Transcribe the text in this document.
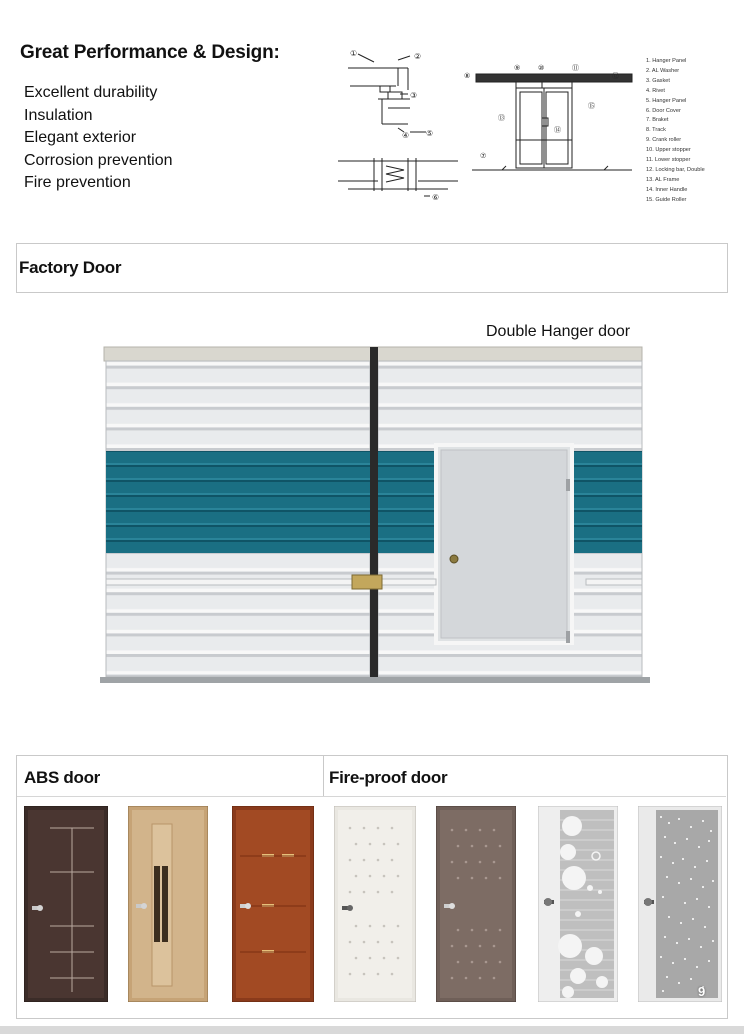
Great Performance & Design:
Excellent durability
Insulation
Elegant exterior
Corrosion prevention
Fire prevention
①	②
③
④ ⑤
⑥
⑧
⑨	⑩	⑪
⑫
⑬
⑭
⑮
⑦
1. Hanger Panel
2. AL Washer
3. Gasket
4. Rivet
5. Hanger Panel
6. Door Cover
7. Braket
8. Track
9. Crank roller
10. Upper stopper
11. Lower stopper
12. Locking bar, Double
13. AL Frame
14. Inner Handle
15. Guide Roller
Factory Door
Double Hanger door
ABS door	Fire-proof door
9
